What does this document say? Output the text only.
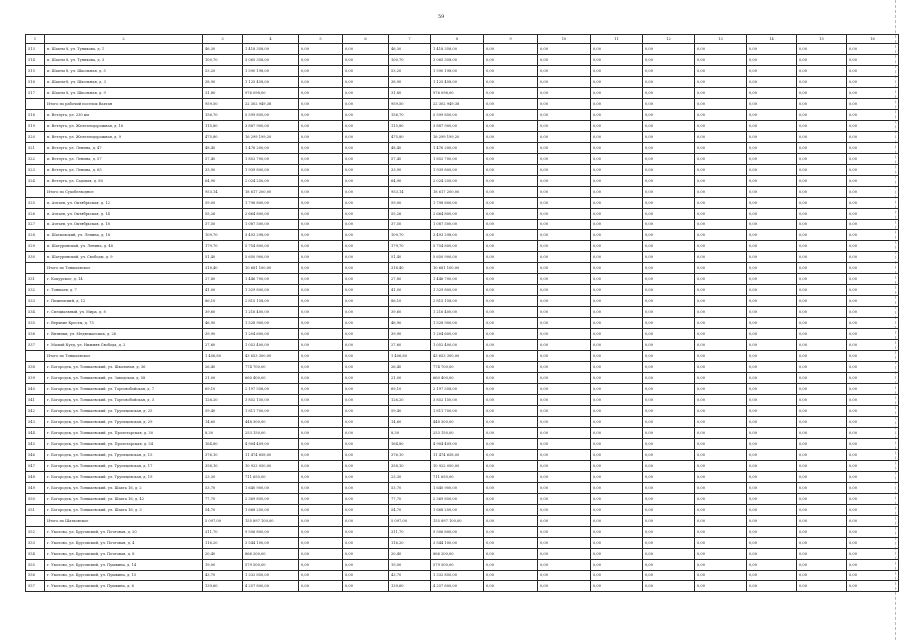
59
1	2	3	4	5	6	7	8	9	10	11	12	13	14	15	16
513	п. Шахты 8, ул. Тупикова, д. 1	46,30	1 418 358,00	0,00	0,00	46,30	1 418 358,00	0,00	0,00	0,00	0,00	0,00	0,00	0,00	0,00
514	п. Шахты 8, ул. Тупикова, д. 3	100,70	3 065 358,00	0,00	0,00	100,70	3 065 358,00	0,00	0,00	0,00	0,00	0,00	0,00	0,00	0,00
515	п. Шахты 8, ул. Школьная, д. 5	53,20	1 590 198,00	0,00	0,00	53,20	1 590 198,00	0,00	0,00	0,00	0,00	0,00	0,00	0,00	0,00
516	п. Шахты-8, ул. Школьная, д. 3	38,90	1 125 458,00	0,00	0,00	38,90	1 125 458,00	0,00	0,00	0,00	0,00	0,00	0,00	0,00	0,00
517	п. Шахты 8, ул. Школьная, д. 9	31,80	976 098,00	0,00	0,00	31,80	976 098,00	0,00	0,00	0,00	0,00	0,00	0,00	0,00	0,00
	Итого по рабочий поселок Вахтан	959,50	22 302 949,38	0,00	0,00	959,50	22 302 949,38	0,00	0,00	0,00	0,00	0,00	0,00	0,00	0,00
518	п. Ветлуга, ул. 230 км	156,70	5 599 850,00	0,00	0,00	156,70	5 599 850,00	0,00	0,00	0,00	0,00	0,00	0,00	0,00	0,00
519	п. Ветлуга, ул. Железнодорожная, д. 16	115,80	3 887 900,00	0,00	0,00	115,80	3 887 900,00	0,00	0,00	0,00	0,00	0,00	0,00	0,00	0,00
520	п. Ветлуга, ул. Железнодорожная, д. 9	475,80	16 299 199,20	0,00	0,00	475,80	16 299 199,20	0,00	0,00	0,00	0,00	0,00	0,00	0,00	0,00
521	п. Ветлуга, ул. Ленина, д. 47	48,40	1 476 200,00	0,00	0,00	48,40	1 476 200,00	0,00	0,00	0,00	0,00	0,00	0,00	0,00	0,00
522	п. Ветлуга, ул. Ленина, д. 57	57,40	1 852 700,00	0,00	0,00	57,40	1 852 700,00	0,00	0,00	0,00	0,00	0,00	0,00	0,00	0,00
523	п. Ветлуга, ул. Ленина, д. 65	33,90	1 939 800,00	0,00	0,00	33,90	1 939 800,00	0,00	0,00	0,00	0,00	0,00	0,00	0,00	0,00
524	п. Ветлуга, ул. Садовая, д. 80	64,90	2 024 250,00	0,00	0,00	64,90	2 024 250,00	0,00	0,00	0,00	0,00	0,00	0,00	0,00	0,00
	Итого по Сухобезводное	953,14	18 617 200,00	0,00	0,00	953,14	18 617 200,00	0,00	0,00	0,00	0,00	0,00	0,00	0,00	0,00
525	п. Ачтаев, ул. Октябрьская, д. 12	59,00	1 798 800,00	0,00	0,00	59,00	1 798 800,00	0,00	0,00	0,00	0,00	0,00	0,00	0,00	0,00
526	п. Ачтаев, ул. Октябрьская, д. 14	55,26	2 664 800,00	0,00	0,00	55,26	2 664 800,00	0,00	0,00	0,00	0,00	0,00	0,00	0,00	0,00
527	п. Ачтаев, ул. Октябрьская, д. 18	37,50	1 087 500,00	0,00	0,00	37,50	1 087 500,00	0,00	0,00	0,00	0,00	0,00	0,00	0,00	0,00
528	п. Шатковский, ул. Ленина, д. 18	109,70	3 493 298,00	0,00	0,00	109,70	3 493 298,00	0,00	0,00	0,00	0,00	0,00	0,00	0,00	0,00
529	п. Шатуринский, ул. Ленина, д. 48	179,70	5 754 800,00	0,00	0,00	179,70	5 754 800,00	0,00	0,00	0,00	0,00	0,00	0,00	0,00	0,00
530	п. Шатуринский, ул. Свободы, д. 9	51,40	5 650 900,00	0,00	0,00	51,40	5 650 900,00	0,00	0,00	0,00	0,00	0,00	0,00	0,00	0,00
	Итого по Тоншаевское	318,40	10 681 100,00	0,00	0,00	318,40	10 681 100,00	0,00	0,00	0,00	0,00	0,00	0,00	0,00	0,00
531	г. Кокурское, д. 14	27,80	1 446 700,00	0,00	0,00	27,80	1 446 700,00	0,00	0,00	0,00	0,00	0,00	0,00	0,00	0,00
532	г. Тоншаев, д. 7	41,00	1 329 800,00	0,00	0,00	41,00	1 329 800,00	0,00	0,00	0,00	0,00	0,00	0,00	0,00	0,00
533	г. Пижемский, д. 12	86,10	2 815 158,00	0,00	0,00	86,10	2 815 158,00	0,00	0,00	0,00	0,00	0,00	0,00	0,00	0,00
534	г. Специальный, ул. Мира, д. 8	39,60	1 216 400,00	0,00	0,00	39,60	1 216 400,00	0,00	0,00	0,00	0,00	0,00	0,00	0,00	0,00
535	г. Верхние Кресты, д. 75	46,90	1 528 900,00	0,00	0,00	46,90	1 528 900,00	0,00	0,00	0,00	0,00	0,00	0,00	0,00	0,00
536	г. Вязники, ул. Медвежатских, д. 26	39,90	1 204 600,00	0,00	0,00	39,90	1 204 600,00	0,00	0,00	0,00	0,00	0,00	0,00	0,00	0,00
537	г. Малый Куед, ул. Нижняя Свобода, д. 2	27,60	1 052 400,00	0,00	0,00	27,60	1 052 400,00	0,00	0,00	0,00	0,00	0,00	0,00	0,00	0,00
	Итого по Тоншаевское	1 406,80	43 653 300,00	0,00	0,00	1 406,80	43 653 300,00	0,00	0,00	0,00	0,00	0,00	0,00	0,00	0,00
538	г. Богородск, ул. Тоншаевский, ул. Школьная, д. 36	26,40	774 700,00	0,00	0,00	26,40	774 700,00	0,00	0,00	0,00	0,00	0,00	0,00	0,00	0,00
539	г. Богородск, ул. Тоншаевский, ул. Заводская, д. 58	21,00	660 400,00	0,00	0,00	21,00	660 400,00	0,00	0,00	0,00	0,00	0,00	0,00	0,00	0,00
540	г. Богородск, ул. Тоншаевский, ул. Торговобойская, д. 7	69,10	2 197 558,00	0,00	0,00	69,10	2 197 558,00	0,00	0,00	0,00	0,00	0,00	0,00	0,00	0,00
541	г. Богородск, ул. Тоншаевский, ул. Торговобойская, д. 3	126,20	3 852 150,00	0,00	0,00	126,20	3 852 150,00	0,00	0,00	0,00	0,00	0,00	0,00	0,00	0,00
542	г. Богородск, ул. Тоншаевский, ул. Трупецовская, д. 25	59,40	1 811 700,00	0,00	0,00	59,40	1 811 700,00	0,00	0,00	0,00	0,00	0,00	0,00	0,00	0,00
543	г. Богородск, ул. Тоншаевский, ул. Трупецовская, д. 29	14,60	448 300,00	0,00	0,00	14,60	448 300,00	0,00	0,00	0,00	0,00	0,00	0,00	0,00	0,00
544	г. Богородск, ул. Тоншаевский, ул. Пролетарская, д. 30	8,30	253 150,00	0,00	0,00	8,30	253 150,00	0,00	0,00	0,00	0,00	0,00	0,00	0,00	0,00
545	г. Богородск, ул. Тоншаевский, ул. Пролетарская, д. 54	164,80	4 904 409,00	0,00	0,00	164,80	4 904 409,00	0,00	0,00	0,00	0,00	0,00	0,00	0,00	0,00
546	г. Богородск, ул. Тоншаевский, ул. Трупецовская, д. 15	376,10	11 474 658,00	0,00	0,00	376,10	11 474 658,00	0,00	0,00	0,00	0,00	0,00	0,00	0,00	0,00
547	г. Богородск, ул. Тоншаевский, ул. Трупецовская, д. 17	358,10	10 922 050,00	0,00	0,00	358,10	10 922 050,00	0,00	0,00	0,00	0,00	0,00	0,00	0,00	0,00
548	г. Богородск, ул. Тоншаевский, ул. Трупецовская, д. 19	23,30	711 650,00	0,00	0,00	23,30	711 650,00	0,00	0,00	0,00	0,00	0,00	0,00	0,00	0,00
549	г. Богородск, ул. Тоншаевский, ул. Шахта 16, д. 2	53,70	1 640 900,00	0,00	0,00	53,70	1 640 900,00	0,00	0,00	0,00	0,00	0,00	0,00	0,00	0,00
550	г. Богородск, ул. Тоншаевский, ул. Шахта 16, д. 42	77,70	2 369 850,00	0,00	0,00	77,70	2 369 850,00	0,00	0,00	0,00	0,00	0,00	0,00	0,00	0,00
551	г. Богородск, ул. Тоншаевский, ул. Шахта 16, д. 3	54,70	1 668 250,00	0,00	0,00	54,70	1 668 250,00	0,00	0,00	0,00	0,00	0,00	0,00	0,00	0,00
	Итого по Шатковское	5 097,00	155 897 100,00	0,00	0,00	5 097,00	155 897 100,00	0,00	0,00	0,00	0,00	0,00	0,00	0,00	0,00
552	г. Уколово, ул. Брусовский, ул. Почтовая, д. 20	311,70	9 506 800,00	0,00	0,00	311,70	9 506 800,00	0,00	0,00	0,00	0,00	0,00	0,00	0,00	0,00
553	г. Уколово, ул. Брусовский, ул. Почтовая, д. 4	116,20	3 544 100,00	0,00	0,00	116,20	3 544 100,00	0,00	0,00	0,00	0,00	0,00	0,00	0,00	0,00
554	г. Уколово, ул. Брусовский, ул. Почтовая, д. 8	20,40	866 200,00	0,00	0,00	20,40	866 200,00	0,00	0,00	0,00	0,00	0,00	0,00	0,00	0,00
555	г. Уколово, ул. Брусовский, ул. Пушкина, д. 14	19,00	579 500,00	0,00	0,00	19,00	579 500,00	0,00	0,00	0,00	0,00	0,00	0,00	0,00	0,00
556	г. Уколово, ул. Брусовский, ул. Пушкина, д. 15	43,70	1 332 850,00	0,00	0,00	43,70	1 332 850,00	0,00	0,00	0,00	0,00	0,00	0,00	0,00	0,00
557	г. Уколово, ул. Брусовский, ул. Пушкина, д. 6	139,60	4 257 800,00	0,00	0,00	139,60	4 257 800,00	0,00	0,00	0,00	0,00	0,00	0,00	0,00	0,00
